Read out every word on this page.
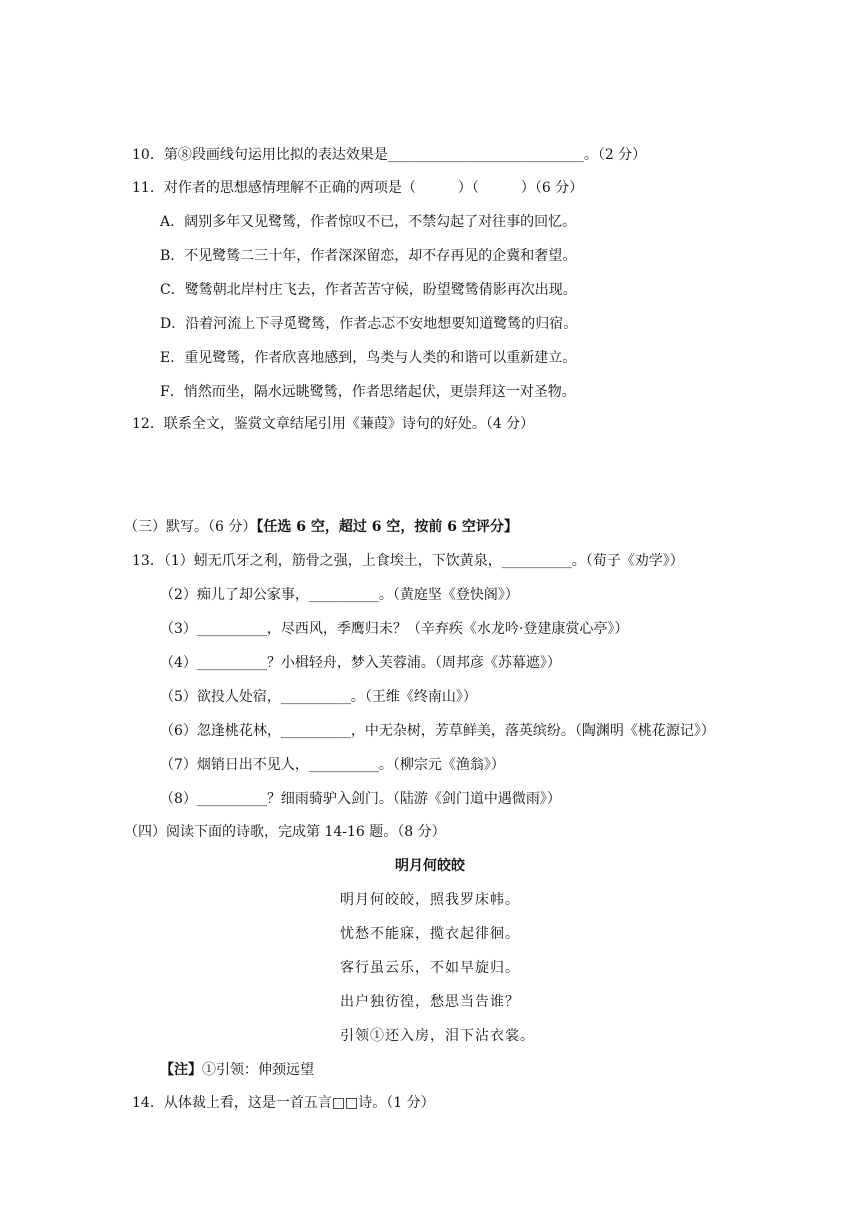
10．第⑧段画线句运用比拟的表达效果是____________________________。（2 分）
11．对作者的思想感情理解不正确的两项是（　　　）（　　　）（6 分）
A．阔别多年又见鹭鸶，作者惊叹不已，不禁勾起了对往事的回忆。
B．不见鹭鸶二三十年，作者深深留恋，却不存再见的企冀和奢望。
C．鹭鸶朝北岸村庄飞去，作者苦苦守候，盼望鹭鸶倩影再次出现。
D．沿着河流上下寻觅鹭鸶，作者忐忑不安地想要知道鹭鸶的归宿。
E．重见鹭鸶，作者欣喜地感到，鸟类与人类的和谐可以重新建立。
F．悄然而坐，隔水远眺鹭鸶，作者思绪起伏，更崇拜这一对圣物。
12．联系全文，鉴赏文章结尾引用《蒹葭》诗句的好处。（4 分）
（三）默写。（6 分）【任选 6 空，超过 6 空，按前 6 空评分】
13．（1）蚓无爪牙之利，筋骨之强，上食埃土，下饮黄泉，__________。（荀子《劝学》）
（2）痴儿了却公家事，__________。（黄庭坚《登快阁》）
（3）__________，尽西风，季鹰归未？（辛弃疾《水龙吟·登建康赏心亭》）
（4）__________？小楫轻舟，梦入芙蓉浦。（周邦彦《苏幕遮》）
（5）欲投人处宿，__________。（王维《终南山》）
（6）忽逢桃花林，__________，中无杂树，芳草鲜美，落英缤纷。（陶渊明《桃花源记》）
（7）烟销日出不见人，__________。（柳宗元《渔翁》）
（8）__________？细雨骑驴入剑门。（陆游《剑门道中遇微雨》）
（四）阅读下面的诗歌，完成第 14-16 题。（8 分）
明月何皎皎
明月何皎皎，照我罗床帏。
忧愁不能寐，揽衣起徘徊。
客行虽云乐，不如早旋归。
出户独彷徨，愁思当告谁？
引领①还入房，泪下沾衣裳。
【注】①引领：伸颈远望
14．从体裁上看，这是一首五言□□诗。（1 分）
